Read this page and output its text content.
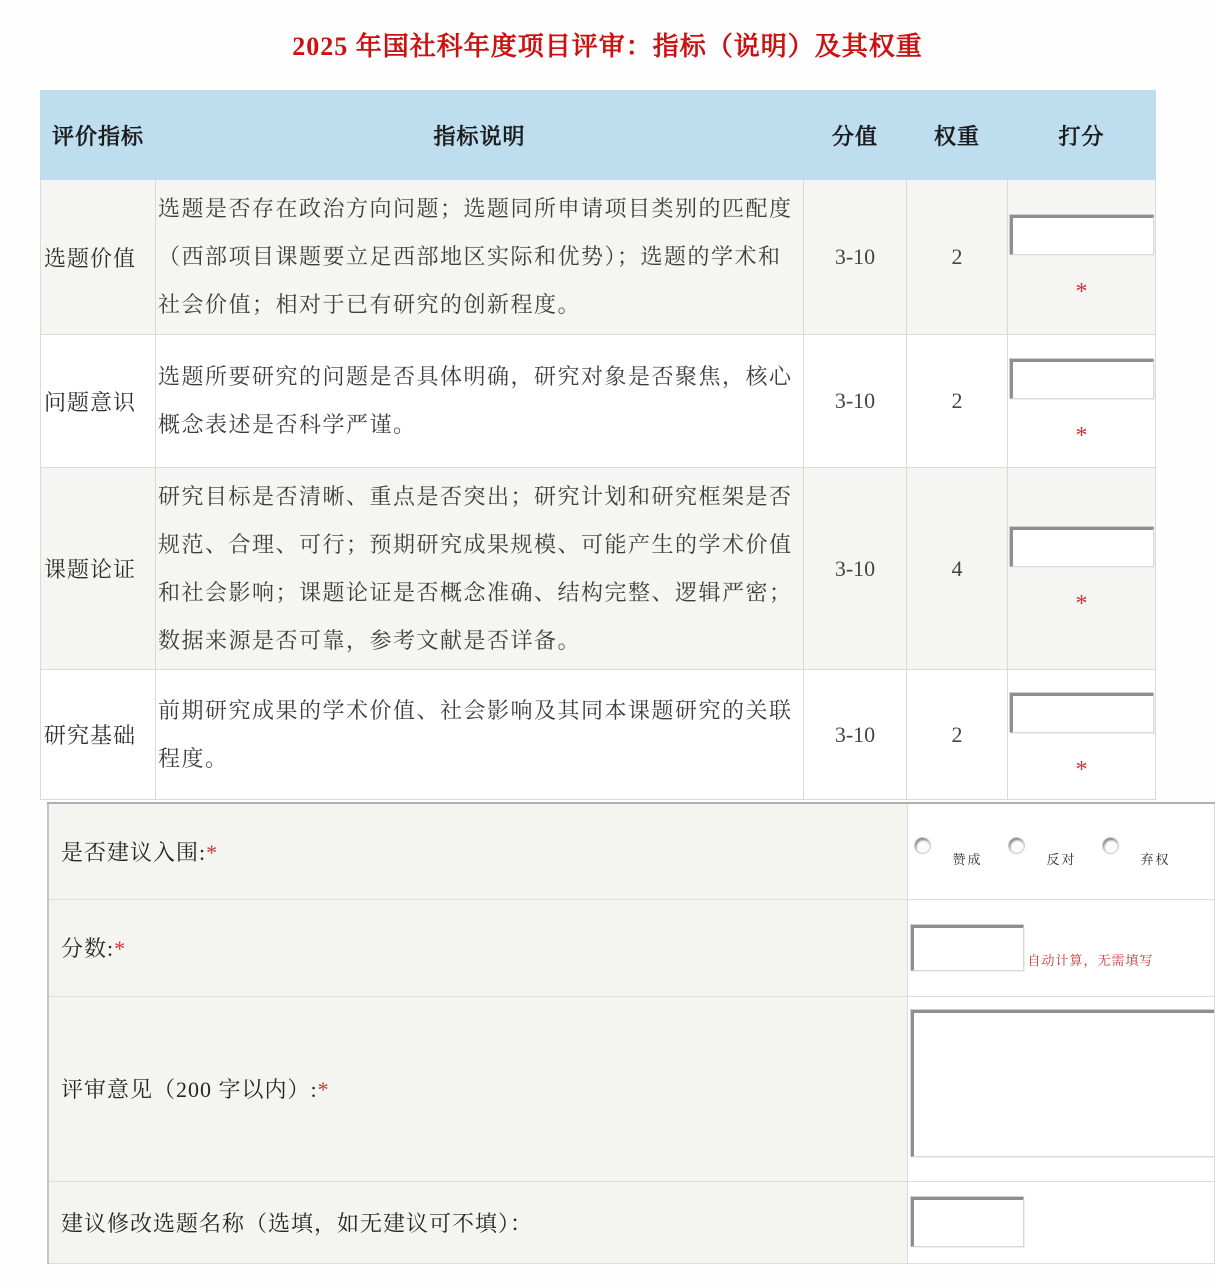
2025 年国社科年度项目评审：指标（说明）及其权重
评价指标	指标说明	分值	权重	打分
选题价值	选题是否存在政治方向问题；选题同所申请项目类别的匹配度（西部项目课题要立足西部地区实际和优势）；选题的学术和社会价值；相对于已有研究的创新程度。	3-10	2	*

问题意识	选题所要研究的问题是否具体明确，研究对象是否聚焦，核心概念表述是否科学严谨。	3-10	2	*

课题论证	研究目标是否清晰、重点是否突出；研究计划和研究框架是否规范、合理、可行；预期研究成果规模、可能产生的学术价值和社会影响；课题论证是否概念准确、结构完整、逻辑严密；数据来源是否可靠，参考文献是否详备。	3-10	4	*

研究基础	前期研究成果的学术价值、社会影响及其同本课题研究的关联程度。	3-10	2	*
是否建议入围:*	赞成 反对 弃权

分数:*	自动计算，无需填写

评审意见（200 字以内）:*	

建议修改选题名称（选填，如无建议可不填）：	
